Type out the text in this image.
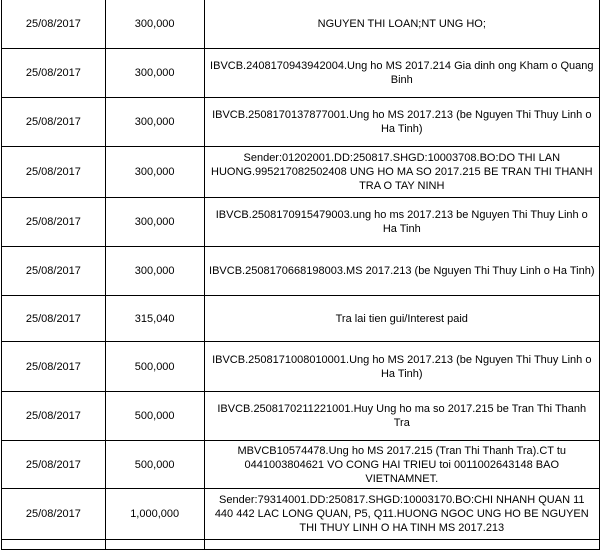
25/08/2017	300,000	NGUYEN THI LOAN;NT UNG HO;
25/08/2017	300,000	IBVCB.2408170943942004.Ung ho MS 2017.214 Gia dinh ong Kham o Quang Binh
25/08/2017	300,000	IBVCB.2508170137877001.Ung ho MS 2017.213 (be Nguyen Thi Thuy Linh o Ha Tinh)
25/08/2017	300,000	Sender:01202001.DD:250817.SHGD:10003708.BO:DO THI LAN HUONG.995217082502408 UNG HO MA SO 2017.215 BE TRAN THI THANH TRA O TAY NINH
25/08/2017	300,000	IBVCB.2508170915479003.ung ho ms 2017.213 be Nguyen Thi Thuy Linh o Ha Tinh
25/08/2017	300,000	IBVCB.2508170668198003.MS 2017.213 (be Nguyen Thi Thuy Linh o Ha Tinh)
25/08/2017	315,040	Tra lai tien gui/Interest paid
25/08/2017	500,000	IBVCB.2508171008010001.Ung ho MS 2017.213 (be Nguyen Thi Thuy Linh o Ha Tinh)
25/08/2017	500,000	IBVCB.2508170211221001.Huy Ung ho ma so 2017.215 be Tran Thi Thanh Tra
25/08/2017	500,000	MBVCB10574478.Ung ho MS 2017.215 (Tran Thi Thanh Tra).CT tu 0441003804621 VO CONG HAI TRIEU toi 0011002643148 BAO VIETNAMNET.
25/08/2017	1,000,000	Sender:79314001.DD:250817.SHGD:10003170.BO:CHI NHANH QUAN 11 440 442 LAC LONG QUAN, P5, Q11.HUONG NGOC UNG HO BE NGUYEN THI THUY LINH O HA TINH MS 2017.213
